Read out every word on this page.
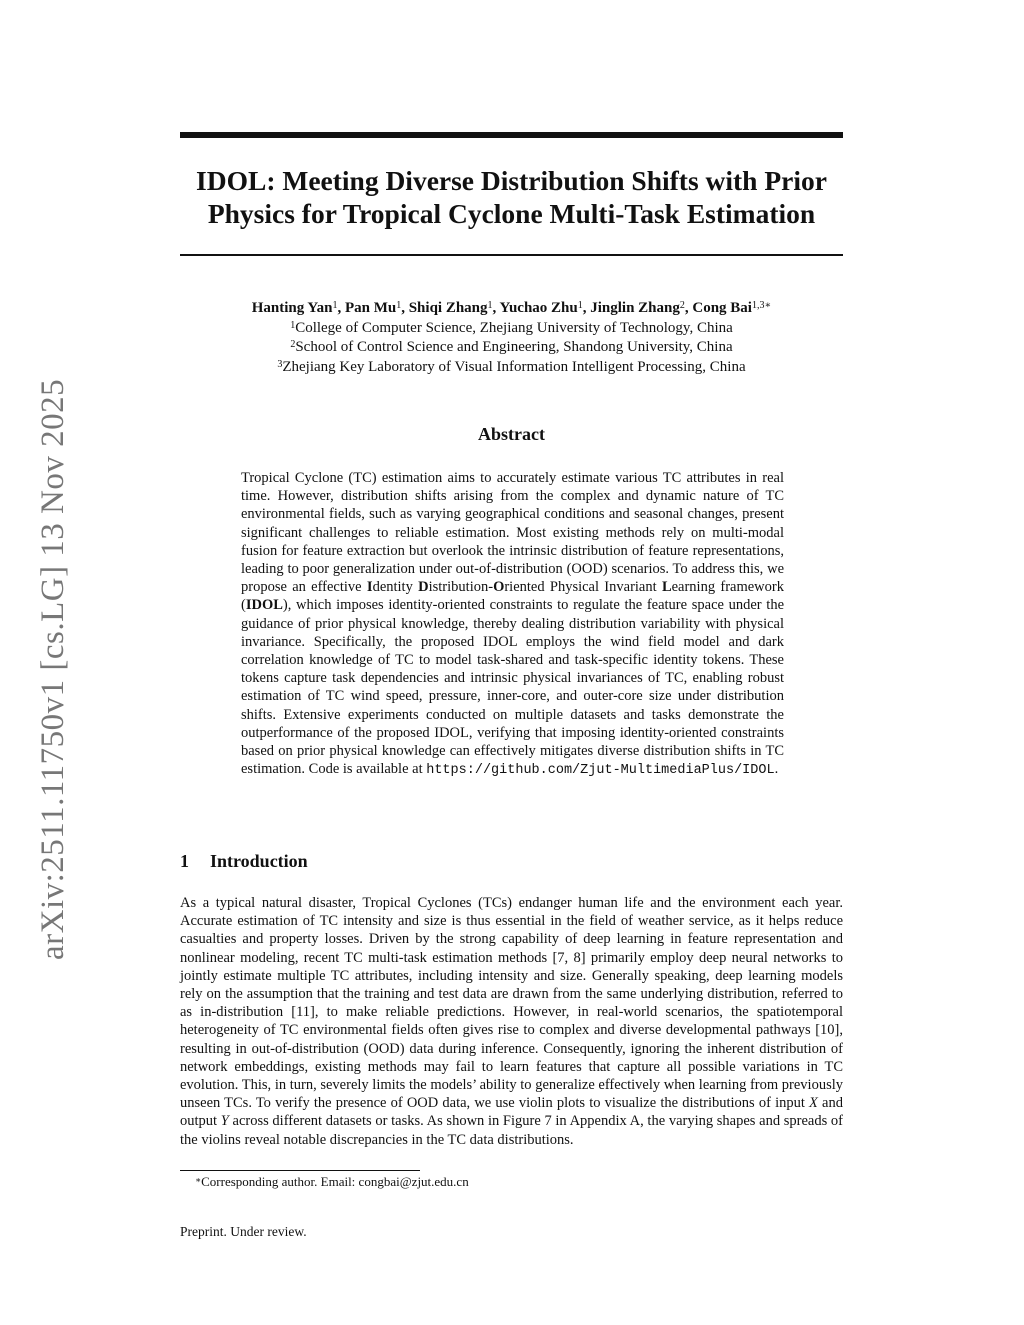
arXiv:2511.11750v1 [cs.LG] 13 Nov 2025
IDOL: Meeting Diverse Distribution Shifts with Prior
Physics for Tropical Cyclone Multi-Task Estimation
Hanting Yan$^1$, Pan Mu$^1$, Shiqi Zhang$^1$, Yuchao Zhu$^1$, Jinglin Zhang$^2$, Cong Bai$^{1,3∗}$
$^1$College of Computer Science, Zhejiang University of Technology, China
$^2$School of Control Science and Engineering, Shandong University, China
$^3$Zhejiang Key Laboratory of Visual Information Intelligent Processing, China
Abstract

Tropical Cyclone (TC) estimation aims to accurately estimate various TC attributes in real time. However, distribution shifts arising from the complex and dynamic nature of TC environmental fields, such as varying geographical conditions and seasonal changes, present significant challenges to reliable estimation. Most existing methods rely on multi-modal fusion for feature extraction but overlook the intrinsic distribution of feature representations, leading to poor generalization under out-of-distribution (OOD) scenarios. To address this, we propose an effective Identity Distribution-Oriented Physical Invariant Learning framework (IDOL), which imposes identity-oriented constraints to regulate the feature space under the guidance of prior physical knowledge, thereby dealing distribution variability with physical invariance. Specifically, the proposed IDOL employs the wind field model and dark correlation knowledge of TC to model task-shared and task-specific identity tokens. These tokens capture task dependencies and intrinsic physical invariances of TC, enabling robust estimation of TC wind speed, pressure, inner-core, and outer-core size under distribution shifts. Extensive experiments conducted on multiple datasets and tasks demonstrate the outperformance of the proposed IDOL, verifying that imposing identity-oriented constraints based on prior physical knowledge can effectively mitigates diverse distribution shifts in TC estimation. Code is available at https://github.com/Zjut-MultimediaPlus/IDOL.

1 Introduction

As a typical natural disaster, Tropical Cyclones (TCs) endanger human life and the environment each year. Accurate estimation of TC intensity and size is thus essential in the field of weather service, as it helps reduce casualties and property losses. Driven by the strong capability of deep learning in feature representation and nonlinear modeling, recent TC multi-task estimation methods [7, 8] primarily employ deep neural networks to jointly estimate multiple TC attributes, including intensity and size. Generally speaking, deep learning models rely on the assumption that the training and test data are drawn from the same underlying distribution, referred to as in-distribution [11], to make reliable predictions. However, in real-world scenarios, the spatiotemporal heterogeneity of TC environmental fields often gives rise to complex and diverse developmental pathways [10], resulting in out-of-distribution (OOD) data during inference. Consequently, ignoring the inherent distribution of network embeddings, existing methods may fail to learn features that capture all possible variations in TC evolution. This, in turn, severely limits the models’ ability to generalize effectively when learning from previously unseen TCs. To verify the presence of OOD data, we use violin plots to visualize the distributions of input X and output Y across different datasets or tasks. As shown in Figure 7 in Appendix A, the varying shapes and spreads of the violins reveal notable discrepancies in the TC data distributions.

∗Corresponding author. Email: congbai@zjut.edu.cn
Preprint. Under review.
